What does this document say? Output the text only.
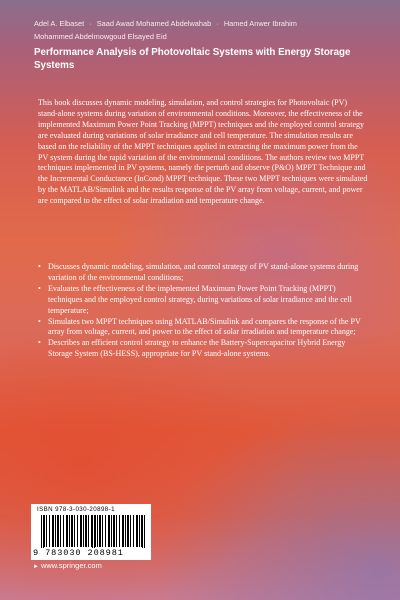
Adel A. Elbaset · Saad Awad Mohamed Abdelwahab · Hamed Anwer Ibrahim
Mohammed Abdelmowgoud Elsayed Eid
Performance Analysis of Photovoltaic Systems with Energy Storage Systems

This book discusses dynamic modeling, simulation, and control strategies for Photovoltaic (PV) stand-alone systems during variation of environmental conditions. Moreover, the effectiveness of the implemented Maximum Power Point Tracking (MPPT) techniques and the employed control strategy are evaluated during variations of solar irradiance and cell temperature. The simulation results are based on the reliability of the MPPT techniques applied in extracting the maximum power from the PV system during the rapid variation of the environmental conditions. The authors review two MPPT techniques implemented in PV systems, namely the perturb and observe (P&O) MPPT Technique and the Incremental Conductance (InCond) MPPT technique. These two MPPT techniques were simulated by the MATLAB/Simulink and the results response of the PV array from voltage, current, and power are compared to the effect of solar irradiation and temperature change.

• Discusses dynamic modeling, simulation, and control strategy of PV stand-alone systems during variation of the environmental conditions;
• Evaluates the effectiveness of the implemented Maximum Power Point Tracking (MPPT) techniques and the employed control strategy, during variations of solar irradiance and the cell temperature;
• Simulates two MPPT techniques using MATLAB/Simulink and compares the response of the PV array from voltage, current, and power to the effect of solar irradiation and temperature change;
• Describes an efficient control strategy to enhance the Battery-Supercapacitor Hybrid Energy Storage System (BS-HESS), appropriate for PV stand-alone systems.
ISBN 978-3-030-20898-1
9 783030 208981
► www.springer.com
